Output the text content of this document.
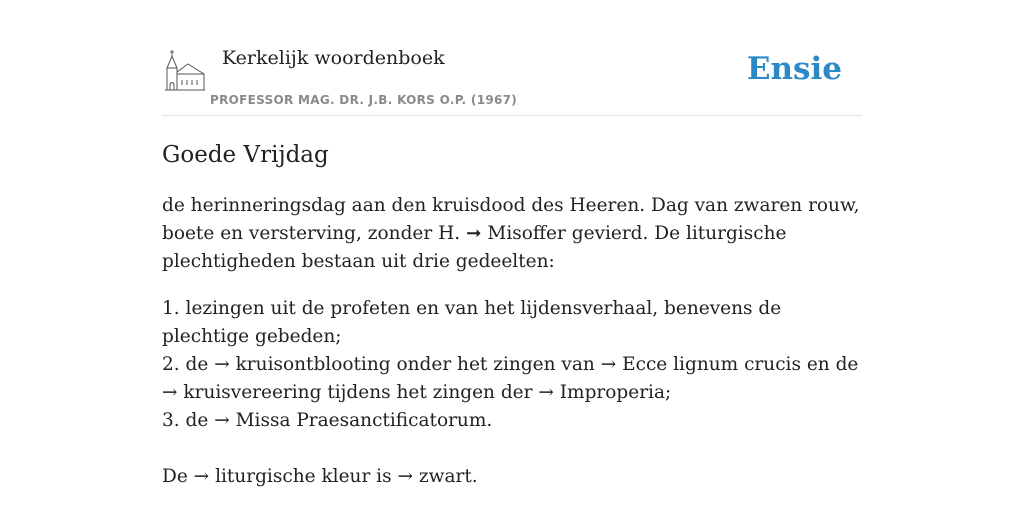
Kerkelijk woordenboek
PROFESSOR MAG. DR. J.B. KORS O.P. (1967)
Ensie
Goede Vrijdag

de herinneringsdag aan den kruisdood des Heeren. Dag van zwaren rouw, boete en versterving, zonder H. ➞ Misoffer gevierd. De liturgische plechtigheden bestaan uit drie gedeelten:

1. lezingen uit de profeten en van het lijdensverhaal, benevens de plechtige gebeden;
2. de → kruisontblooting onder het zingen van → Ecce lignum crucis en de → kruisvereering tijdens het zingen der → Improperia;
3. de → Missa Praesanctificatorum.
De → liturgische kleur is → zwart.
